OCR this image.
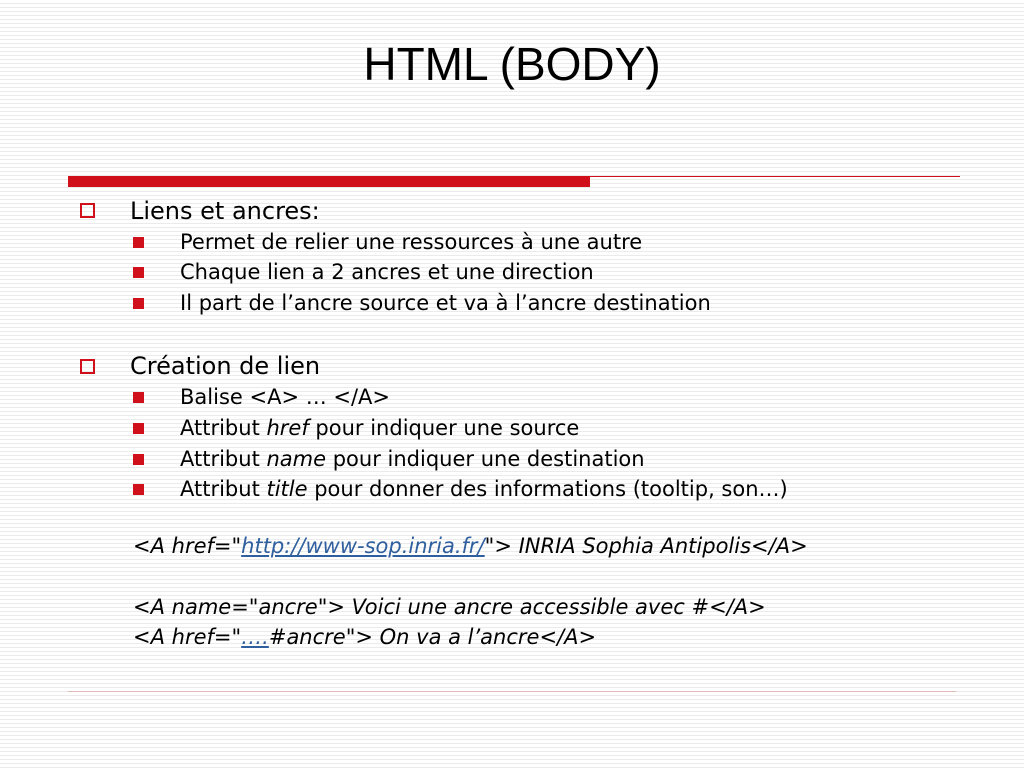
HTML (BODY)
Liens et ancres:
Permet de relier une ressources à une autre
Chaque lien a 2 ancres et une direction
Il part de l’ancre source et va à l’ancre destination
Création de lien
Balise <A> … </A>
Attribut href pour indiquer une source
Attribut name pour indiquer une destination
Attribut title pour donner des informations (tooltip, son…)
<A href="http://www-sop.inria.fr/"> INRIA Sophia Antipolis</A>
<A name="ancre"> Voici une ancre accessible avec #</A>
<A href="….#ancre"> On va a l’ancre</A>
